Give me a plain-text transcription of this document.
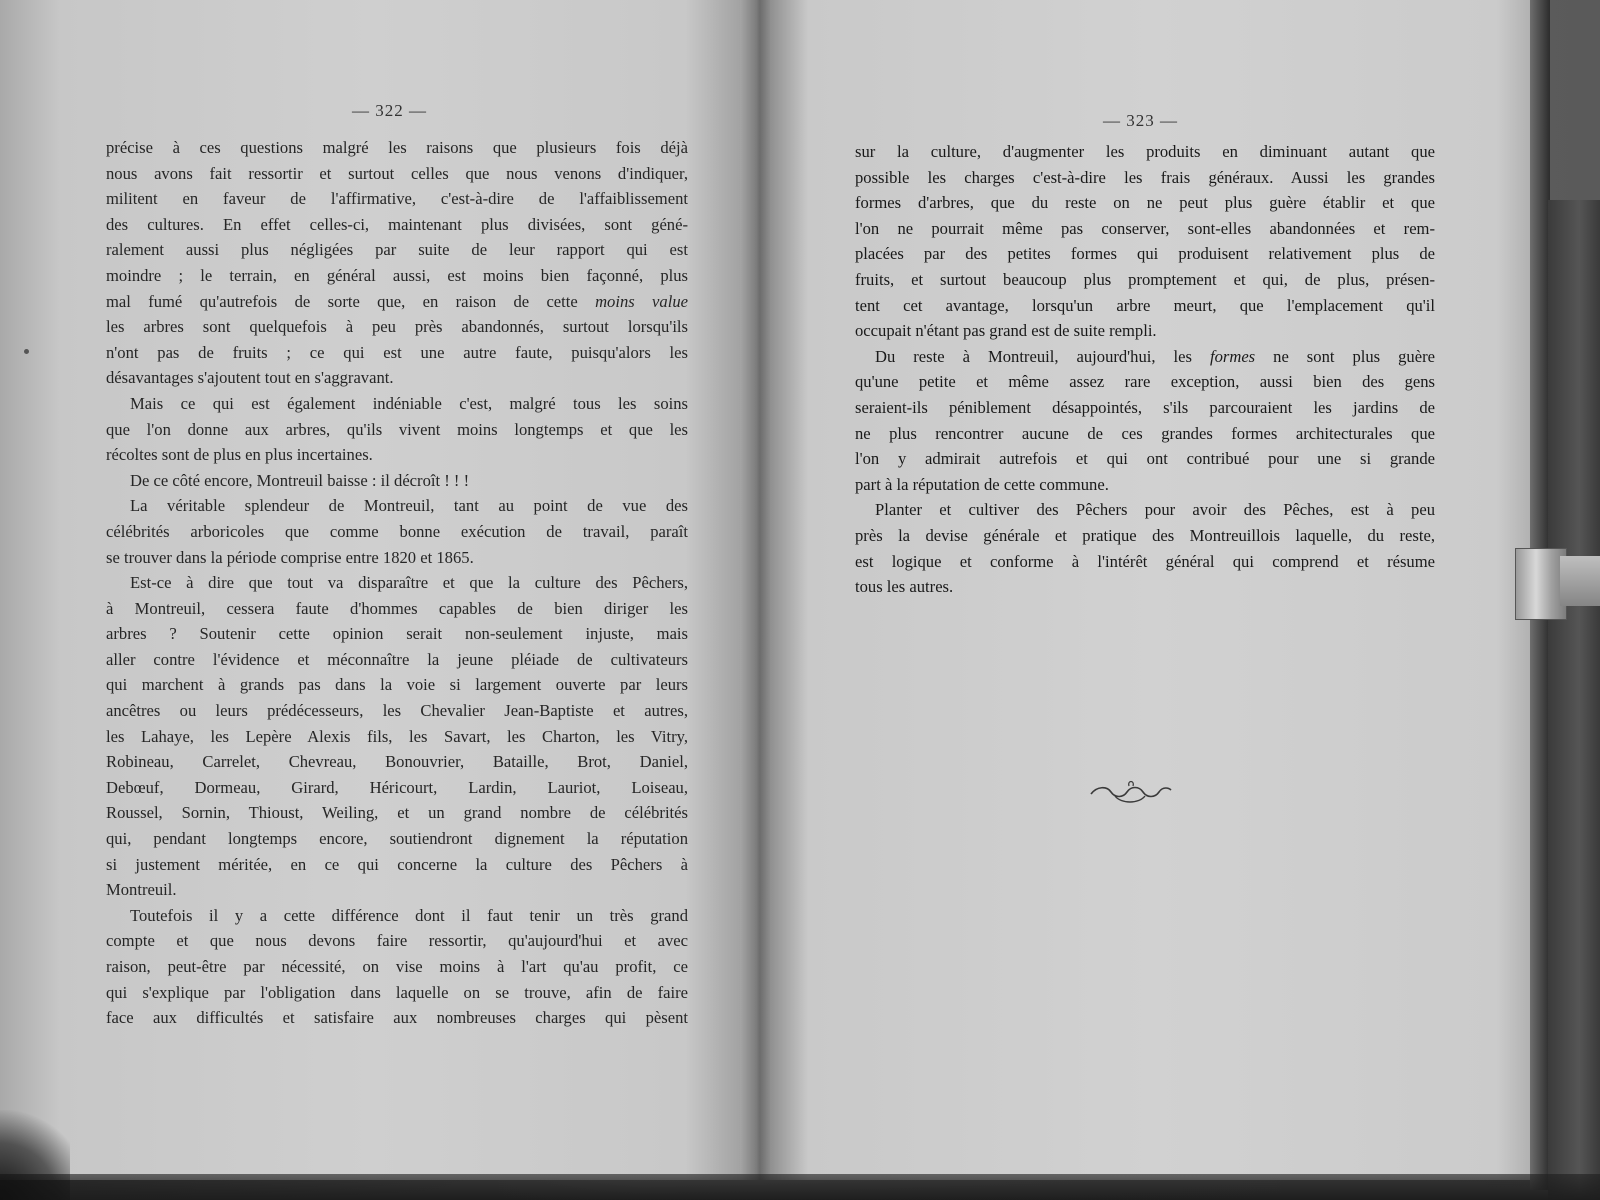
— 322 —
précise à ces questions malgré les raisons que plusieurs fois déjà
nous avons fait ressortir et surtout celles que nous venons d'indiquer,
militent en faveur de l'affirmative, c'est-à-dire de l'affaiblissement
des cultures. En effet celles-ci, maintenant plus divisées, sont géné-
ralement aussi plus négligées par suite de leur rapport qui est
moindre ; le terrain, en général aussi, est moins bien façonné, plus
mal fumé qu'autrefois de sorte que, en raison de cette moins value
les arbres sont quelquefois à peu près abandonnés, surtout lorsqu'ils
n'ont pas de fruits ; ce qui est une autre faute, puisqu'alors les
désavantages s'ajoutent tout en s'aggravant.
Mais ce qui est également indéniable c'est, malgré tous les soins
que l'on donne aux arbres, qu'ils vivent moins longtemps et que les
récoltes sont de plus en plus incertaines.
De ce côté encore, Montreuil baisse : il décroît ! ! !
La véritable splendeur de Montreuil, tant au point de vue des
célébrités arboricoles que comme bonne exécution de travail, paraît
se trouver dans la période comprise entre 1820 et 1865.
Est-ce à dire que tout va disparaître et que la culture des Pêchers,
à Montreuil, cessera faute d'hommes capables de bien diriger les
arbres ? Soutenir cette opinion serait non-seulement injuste, mais
aller contre l'évidence et méconnaître la jeune pléiade de cultivateurs
qui marchent à grands pas dans la voie si largement ouverte par leurs
ancêtres ou leurs prédécesseurs, les Chevalier Jean-Baptiste et autres,
les Lahaye, les Lepère Alexis fils, les Savart, les Charton, les Vitry,
Robineau, Carrelet, Chevreau, Bonouvrier, Bataille, Brot, Daniel,
Debœuf, Dormeau, Girard, Héricourt, Lardin, Lauriot, Loiseau,
Roussel, Sornin, Thioust, Weiling, et un grand nombre de célébrités
qui, pendant longtemps encore, soutiendront dignement la réputation
si justement méritée, en ce qui concerne la culture des Pêchers à
Montreuil.
Toutefois il y a cette différence dont il faut tenir un très grand
compte et que nous devons faire ressortir, qu'aujourd'hui et avec
raison, peut-être par nécessité, on vise moins à l'art qu'au profit, ce
qui s'explique par l'obligation dans laquelle on se trouve, afin de faire
face aux difficultés et satisfaire aux nombreuses charges qui pèsent
— 323 —
sur la culture, d'augmenter les produits en diminuant autant que
possible les charges c'est-à-dire les frais généraux. Aussi les grandes
formes d'arbres, que du reste on ne peut plus guère établir et que
l'on ne pourrait même pas conserver, sont-elles abandonnées et rem-
placées par des petites formes qui produisent relativement plus de
fruits, et surtout beaucoup plus promptement et qui, de plus, présen-
tent cet avantage, lorsqu'un arbre meurt, que l'emplacement qu'il
occupait n'étant pas grand est de suite rempli.
Du reste à Montreuil, aujourd'hui, les formes ne sont plus guère
qu'une petite et même assez rare exception, aussi bien des gens
seraient-ils péniblement désappointés, s'ils parcouraient les jardins de
ne plus rencontrer aucune de ces grandes formes architecturales que
l'on y admirait autrefois et qui ont contribué pour une si grande
part à la réputation de cette commune.
Planter et cultiver des Pêchers pour avoir des Pêches, est à peu
près la devise générale et pratique des Montreuillois laquelle, du reste,
est logique et conforme à l'intérêt général qui comprend et résume
tous les autres.
